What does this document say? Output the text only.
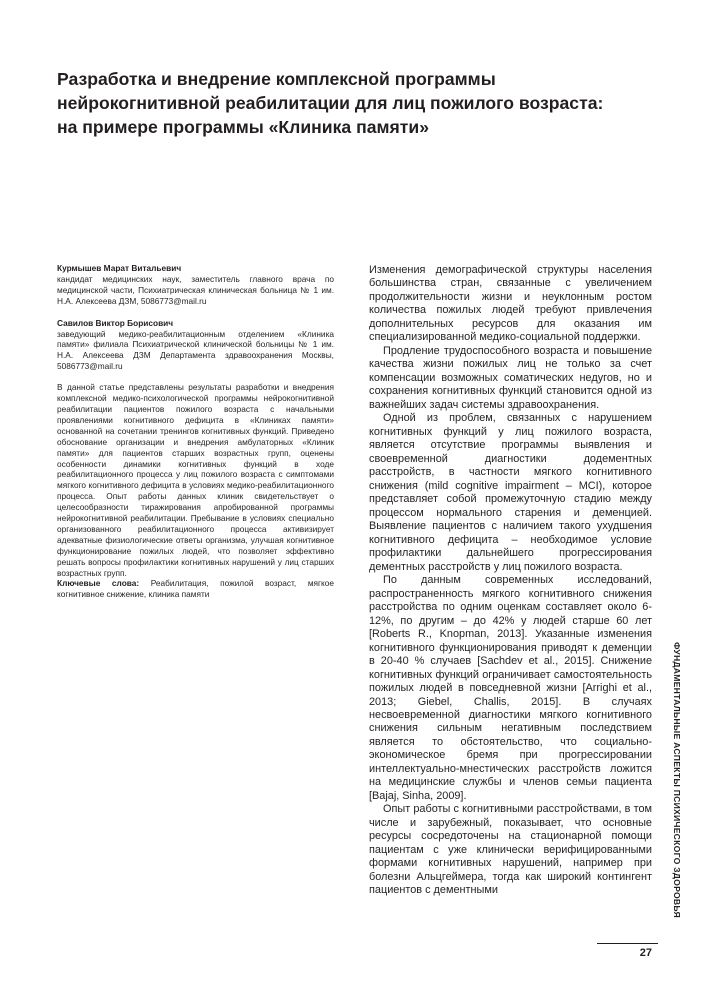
Разработка и внедрение комплексной программы
нейрокогнитивной реабилитации для лиц пожилого возраста:
на примере программы «Клиника памяти»

Курмышев Марат Витальевич

кандидат медицинских наук, заместитель главного врача по медицинской части, Психиатрическая клиническая больница № 1 им. Н.А. Алексеева ДЗМ, 5086773@mail.ru

Савилов Виктор Борисович

заведующий медико-реабилитационным отделением «Клиника памяти» филиала Психиатрической клинической больницы № 1 им. Н.А. Алексеева ДЗМ Департамента здравоохранения Москвы, 5086773@mail.ru

В данной статье представлены результаты разработки и внедрения комплексной медико-психологической программы нейрокогнитивной реабилитации пациентов пожилого возраста с начальными проявлениями когнитивного дефицита в «Клиниках памяти» основанной на сочетании тренингов когнитивных функций. Приведено обоснование организации и внедрения амбулаторных «Клиник памяти» для пациентов старших возрастных групп, оценены особенности динамики когнитивных функций в ходе реабилитационного процесса у лиц пожилого возраста с симптомами мягкого когнитивного дефицита в условиях медико-реабилитационного процесса. Опыт работы данных клиник свидетельствует о целесообразности тиражирования апробированной программы нейрокогнитивной реабилитации. Пребывание в условиях специально организованного реабилитационного процесса активизирует адекватные физиологические ответы организма, улучшая когнитивное функционирование пожилых людей, что позволяет эффективно решать вопросы профилактики когнитивных нарушений у лиц старших возрастных групп.

Ключевые слова: Реабилитация, пожилой возраст, мягкое когнитивное снижение, клиника памяти

Изменения демографической структуры населения большинства стран, связанные с увеличением продолжительности жизни и неуклонным ростом количества пожилых людей требуют привлечения дополнительных ресурсов для оказания им специализированной медико-социальной поддержки.

Продление трудоспособного возраста и повышение качества жизни пожилых лиц не только за счет компенсации возможных соматических недугов, но и сохранения когнитивных функций становится одной из важнейших задач системы здравоохранения.

Одной из проблем, связанных с нарушением когнитивных функций у лиц пожилого возраста, является отсутствие программы выявления и своевременной диагностики додементных расстройств, в частности мягкого когнитивного снижения (mild cognitive impairment – MCI), которое представляет собой промежуточную стадию между процессом нормального старения и деменцией. Выявление пациентов с наличием такого ухудшения когнитивного дефицита – необходимое условие профилактики дальнейшего прогрессирования дементных расстройств у лиц пожилого возраста.

По данным современных исследований, распространенность мягкого когнитивного снижения расстройства по одним оценкам составляет около 6-12%, по другим – до 42% у людей старше 60 лет [Roberts R., Knopman, 2013]. Указанные изменения когнитивного функционирования приводят к деменции в 20-40 % случаев [Sachdev et al., 2015]. Снижение когнитивных функций ограничивает самостоятельность пожилых людей в повседневной жизни [Arrighi et al., 2013; Giebel, Challis, 2015]. В случаях несвоевременной диагностики мягкого когнитивного снижения сильным негативным последствием является то обстоятельство, что социально-экономическое бремя при прогрессировании интеллектуально-мнестических расстройств ложится на медицинские службы и членов семьи пациента [Bajaj, Sinha, 2009].

Опыт работы с когнитивными расстройствами, в том числе и зарубежный, показывает, что основные ресурсы сосредоточены на стационарной помощи пациентам с уже клинически верифицированными формами когнитивных нарушений, например при болезни Альцгеймера, тогда как широкий контингент пациентов с дементными	ФУНДАМЕНТАЛЬНЫЕ АСПЕКТЫ ПСИХИЧЕСКОГО ЗДОРОВЬЯ
27
